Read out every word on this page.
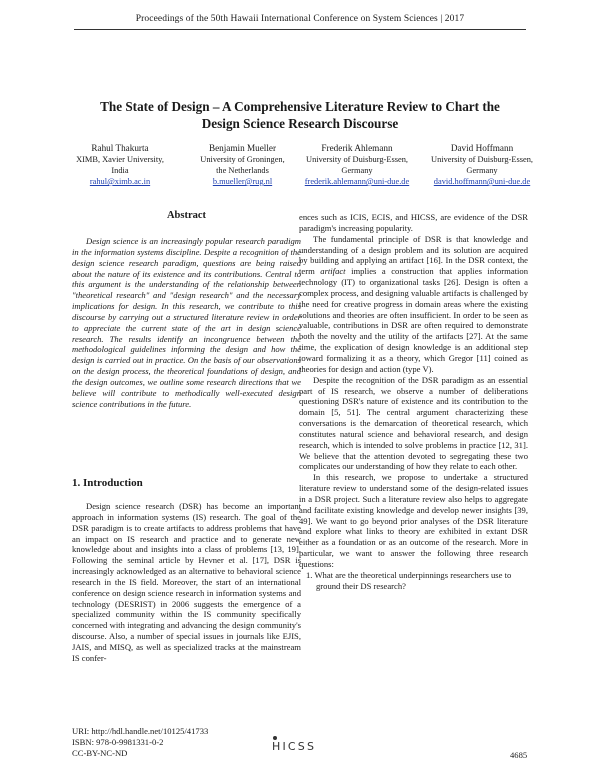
Proceedings of the 50th Hawaii International Conference on System Sciences | 2017
The State of Design – A Comprehensive Literature Review to Chart the
Design Science Research Discourse
Rahul Thakurta
XIMB, Xavier University,
India
rahul@ximb.ac.in
Benjamin Mueller
University of Groningen,
the Netherlands
b.mueller@rug.nl
Frederik Ahlemann
University of Duisburg-Essen,
Germany
frederik.ahlemann@uni-due.de
David Hoffmann
University of Duisburg-Essen,
Germany
david.hoffmann@uni-due.de
Abstract

Design science is an increasingly popular research paradigm in the information systems discipline. Despite a recognition of the design science research paradigm, questions are being raised about the nature of its existence and its contributions. Central to this argument is the understanding of the relationship between "theoretical research" and "design research" and the necessary implications for design. In this research, we contribute to this discourse by carrying out a structured literature review in order to appreciate the current state of the art in design science research. The results identify an incongruence between the methodological guidelines informing the design and how the design is carried out in practice. On the basis of our observations on the design process, the theoretical foundations of design, and the design outcomes, we outline some research directions that we believe will contribute to methodically well-executed design science contributions in the future.

1. Introduction

Design science research (DSR) has become an important approach in information systems (IS) research. The goal of the DSR paradigm is to create artifacts to address problems that have an impact on IS research and practice and to generate new knowledge about and insights into a class of problems [13, 19]. Following the seminal article by Hevner et al. [17], DSR is increasingly acknowledged as an alternative to behavioral science research in the IS field. Moreover, the start of an international conference on design science research in information systems and technology (DESRIST) in 2006 suggests the emergence of a specialized community within the IS community specifically concerned with integrating and advancing the design community's discourse. Also, a number of special issues in journals like EJIS, JAIS, and MISQ, as well as specialized tracks at the mainstream IS confer-

ences such as ICIS, ECIS, and HICSS, are evidence of the DSR paradigm's increasing popularity.

The fundamental principle of DSR is that knowledge and understanding of a design problem and its solution are acquired by building and applying an artifact [16]. In the DSR context, the term artifact implies a construction that applies information technology (IT) to organizational tasks [26]. Design is often a complex process, and designing valuable artifacts is challenged by the need for creative progress in domain areas where the existing solutions and theories are often insufficient. In order to be seen as valuable, contributions in DSR are often required to demonstrate both the novelty and the utility of the artifacts [27]. At the same time, the explication of design knowledge is an additional step toward formalizing it as a theory, which Gregor [11] coined as theories for design and action (type V).

Despite the recognition of the DSR paradigm as an essential part of IS research, we observe a number of deliberations questioning DSR's nature of existence and its contribution to the domain [5, 51]. The central argument characterizing these conversations is the demarcation of theoretical research, which constitutes natural science and behavioral research, and design research, which is intended to solve problems in practice [12, 31]. We believe that the attention devoted to segregating these two complicates our understanding of how they relate to each other.

In this research, we propose to undertake a structured literature review to understand some of the design-related issues in a DSR project. Such a literature review also helps to aggregate and facilitate existing knowledge and develop newer insights [39, 49]. We want to go beyond prior analyses of the DSR literature and explore what links to theory are exhibited in extant DSR either as a foundation or as an outcome of the research. More in particular, we want to answer the following three research questions:

1. What are the theoretical underpinnings researchers use to ground their DS research?

URI: http://hdl.handle.net/10125/41733
ISBN: 978-0-9981331-0-2
CC-BY-NC-ND	HICSS
4685
